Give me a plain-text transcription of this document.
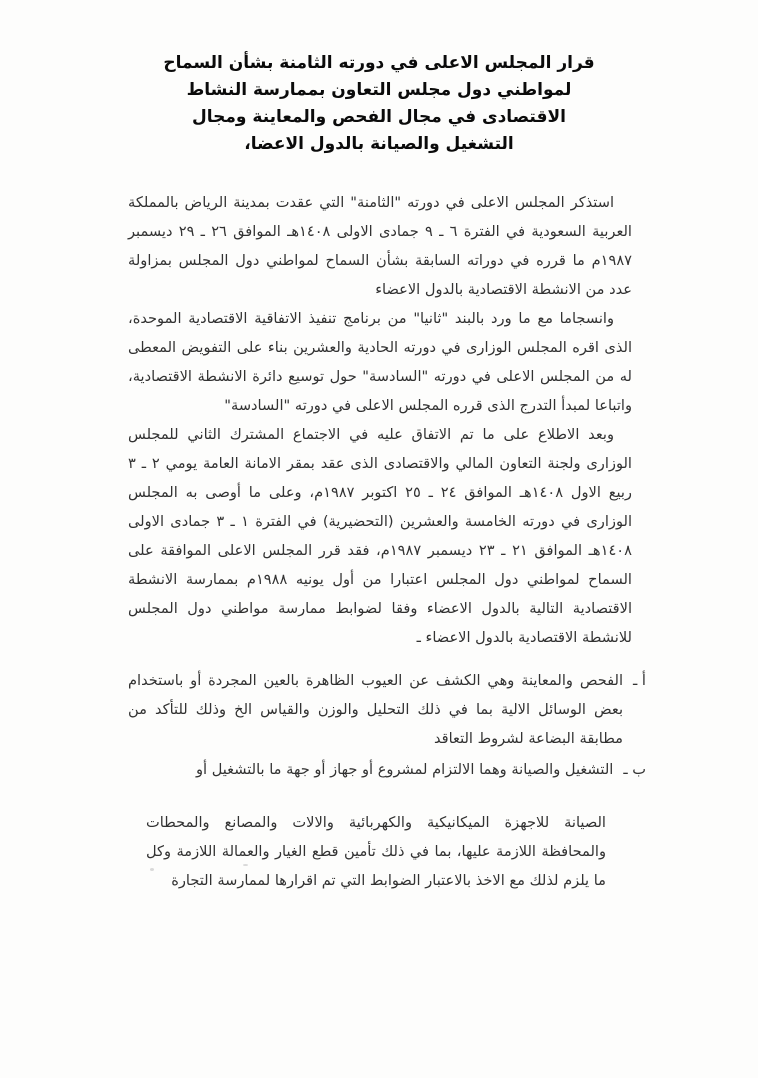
قرار المجلس الاعلى في دورته الثامنة بشأن السماح
لمواطني دول مجلس التعاون بممارسة النشاط
الاقتصادى في مجال الفحص والمعاينة ومجال
التشغيل والصيانة بالدول الاعضا،

استذكر المجلس الاعلى في دورته "الثامنة" التي عقدت بمدينة الرياض بالمملكة العربية السعودية في الفترة ٦ ـ ٩ جمادى الاولى ١٤٠٨هـ الموافق ٢٦ ـ ٢٩ ديسمبر ١٩٨٧م ما قرره في دوراته السابقة بشأن السماح لمواطني دول المجلس بمزاولة عدد من الانشطة الاقتصادية بالدول الاعضاء

وانسجاما مع ما ورد بالبند "ثانيا" من برنامج تنفيذ الاتفاقية الاقتصادية الموحدة، الذى اقره المجلس الوزارى في دورته الحادية والعشرين بناء على التفويض المعطى له من المجلس الاعلى في دورته "السادسة" حول توسيع دائرة الانشطة الاقتصادية، واتباعا لمبدأ التدرج الذى قرره المجلس الاعلى في دورته "السادسة"

وبعد الاطلاع على ما تم الاتفاق عليه في الاجتماع المشترك الثاني للمجلس الوزارى ولجنة التعاون المالي والاقتصادى الذى عقد بمقر الامانة العامة يومي ٢ ـ ٣ ربيع الاول ١٤٠٨هـ الموافق ٢٤ ـ ٢٥ اكتوبر ١٩٨٧م، وعلى ما أوصى به المجلس الوزارى في دورته الخامسة والعشرين (التحضيرية) في الفترة ١ ـ ٣ جمادى الاولى ١٤٠٨هـ الموافق ٢١ ـ ٢٣ ديسمبر ١٩٨٧م، فقد قرر المجلس الاعلى الموافقة على السماح لمواطني دول المجلس اعتبارا من أول يونيه ١٩٨٨م بممارسة الانشطة الاقتصادية التالية بالدول الاعضاء وفقا لضوابط ممارسة مواطني دول المجلس للانشطة الاقتصادية بالدول الاعضاء ـ

أ ـ
الفحص والمعاينة وهي الكشف عن العيوب الظاهرة بالعين المجردة أو باستخدام بعض الوسائل الالية بما في ذلك التحليل والوزن والقياس الخ وذلك للتأكد من مطابقة البضاعة لشروط التعاقد
ب ـ
التشغيل والصيانة وهما الالتزام لمشروع أو جهاز أو جهة ما بالتشغيل أو
الصيانة للاجهزة الميكانيكية والكهربائية والالات والمصانع والمحطات والمحافظة اللازمة عليها، بما في ذلك تأمين قطع الغيار والعمالة اللازمة وكل ما يلزم لذلك مع الاخذ بالاعتبار الضوابط التي تم اقرارها لممارسة التجارة
